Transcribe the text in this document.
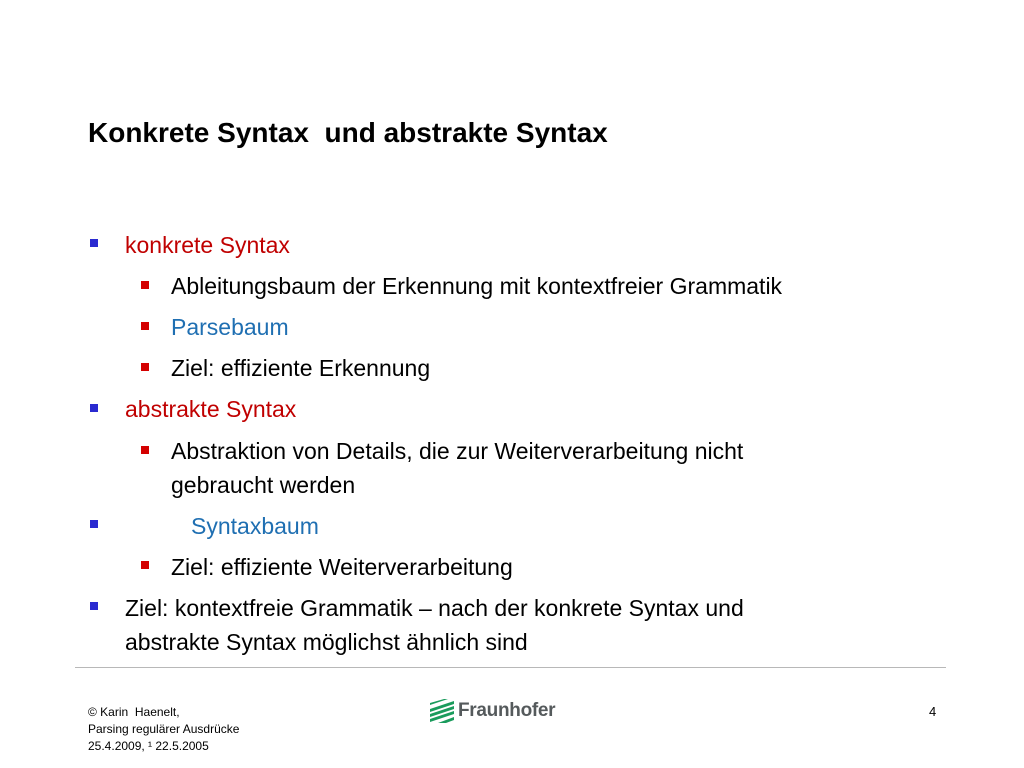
Konkrete Syntax  und abstrakte Syntax
konkrete Syntax
Ableitungsbaum der Erkennung mit kontextfreier Grammatik
Parsebaum
Ziel: effiziente Erkennung
abstrakte Syntax
Abstraktion von Details, die zur Weiterverarbeitung nicht
gebraucht werden
Syntaxbaum
Ziel: effiziente Weiterverarbeitung
Ziel: kontextfreie Grammatik – nach der konkrete Syntax und
abstrakte Syntax möglichst ähnlich sind
© Karin  Haenelt,
Parsing regulärer Ausdrücke
25.4.2009, ¹ 22.5.2005
Fraunhofer	4
